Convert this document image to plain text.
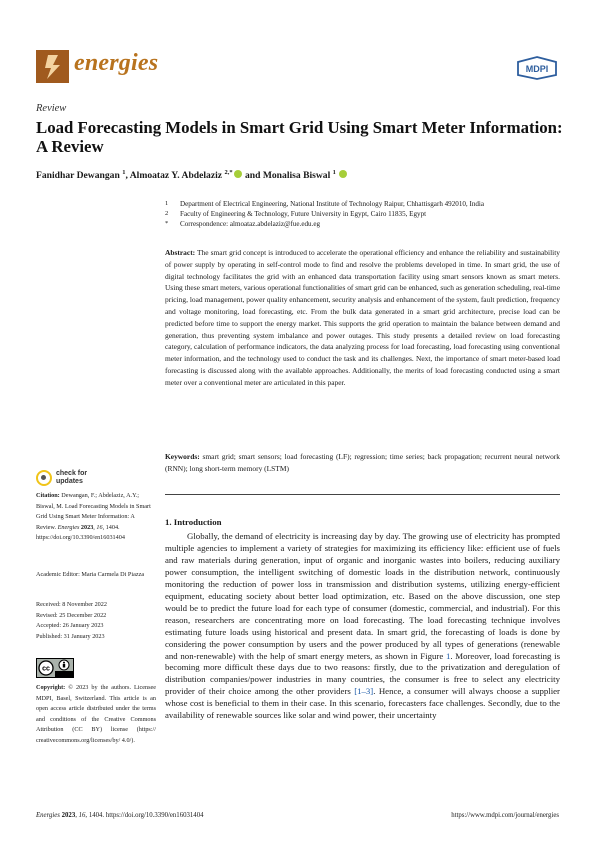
energies	MDPI
Review
Load Forecasting Models in Smart Grid Using Smart Meter Information: A Review
Fanidhar Dewangan $^1$, Almoataz Y. Abdelaziz $^{2,*}$ and Monalisa Biswal $^1$
1 Department of Electrical Engineering, National Institute of Technology Raipur, Chhattisgarh 492010, India
2 Faculty of Engineering & Technology, Future University in Egypt, Cairo 11835, Egypt
* Correspondence: almoataz.abdelaziz@fue.edu.eg
Abstract: The smart grid concept is introduced to accelerate the operational efficiency and enhance the reliability and sustainability of power supply by operating in self-control mode to find and resolve the problems developed in time. In smart grid, the use of digital technology facilitates the grid with an enhanced data transportation facility using smart sensors known as smart meters. Using these smart meters, various operational functionalities of smart grid can be enhanced, such as generation scheduling, real-time pricing, load management, power quality enhancement, security analysis and enhancement of the system, fault prediction, frequency and voltage monitoring, load forecasting, etc. From the bulk data generated in a smart grid architecture, precise load can be predicted before time to support the energy market. This supports the grid operation to maintain the balance between demand and generation, thus preventing system imbalance and power outages. This study presents a detailed review on load forecasting category, calculation of performance indicators, the data analyzing process for load forecasting, load forecasting using conventional meter information, and the technology used to conduct the task and its challenges. Next, the importance of smart meter-based load forecasting is discussed along with the available approaches. Additionally, the merits of load forecasting conducted using a smart meter over a conventional meter are articulated in this paper.
Keywords: smart grid; smart sensors; load forecasting (LF); regression; time series; back propagation; recurrent neural network (RNN); long short-term memory (LSTM)
check for
updates
Citation: Dewangan, F.; Abdelaziz, A.Y.; Biswal, M. Load Forecasting Models in Smart Grid Using Smart Meter Information: A Review. Energies 2023, 16, 1404. https://doi.org/10.3390/en16031404
Academic Editor: Maria Carmela Di Piazza
Received: 8 November 2022
Revised: 25 December 2022
Accepted: 26 January 2023
Published: 31 January 2023
cc
Copyright: © 2023 by the authors. Licensee MDPI, Basel, Switzerland. This article is an open access article distributed under the terms and conditions of the Creative Commons Attribution (CC BY) license (https:// creativecommons.org/licenses/by/ 4.0/).
1. Introduction
Globally, the demand of electricity is increasing day by day. The growing use of electricity has prompted multiple agencies to implement a variety of strategies for maximizing its efficiency like: efficient use of fuels and raw materials during generation, input of organic and inorganic wastes into boilers, reducing auxiliary power consumption, the intelligent switching of domestic loads in the distribution network, continuously monitoring the reduction of power loss in transmission and distribution systems, utilizing energy-efficient equipment, educating society about better load optimization, etc. Based on the above discussion, one step would be to predict the future load for each type of consumer (domestic, commercial, and industrial). For this reason, researchers are concentrating more on load forecasting. The load forecasting technique involves estimating future loads using historical and present data. In smart grid, the forecasting of loads is done by considering the power consumption by users and the power produced by all types of generations (renewable and non-renewable) with the help of smart energy meters, as shown in Figure 1. Moreover, load forecasting is becoming more difficult these days due to two reasons: firstly, due to the privatization and deregulation of distribution companies/power industries in many countries, the consumer is free to select any electricity provider of their choice among the other providers [1–3]. Hence, a consumer will always choose a supplier whose cost is beneficial to them in their case. In this scenario, forecasters face challenges. Secondly, due to the availability of renewable sources like solar and wind power, their uncertainty
Energies 2023, 16, 1404. https://doi.org/10.3390/en16031404	https://www.mdpi.com/journal/energies
